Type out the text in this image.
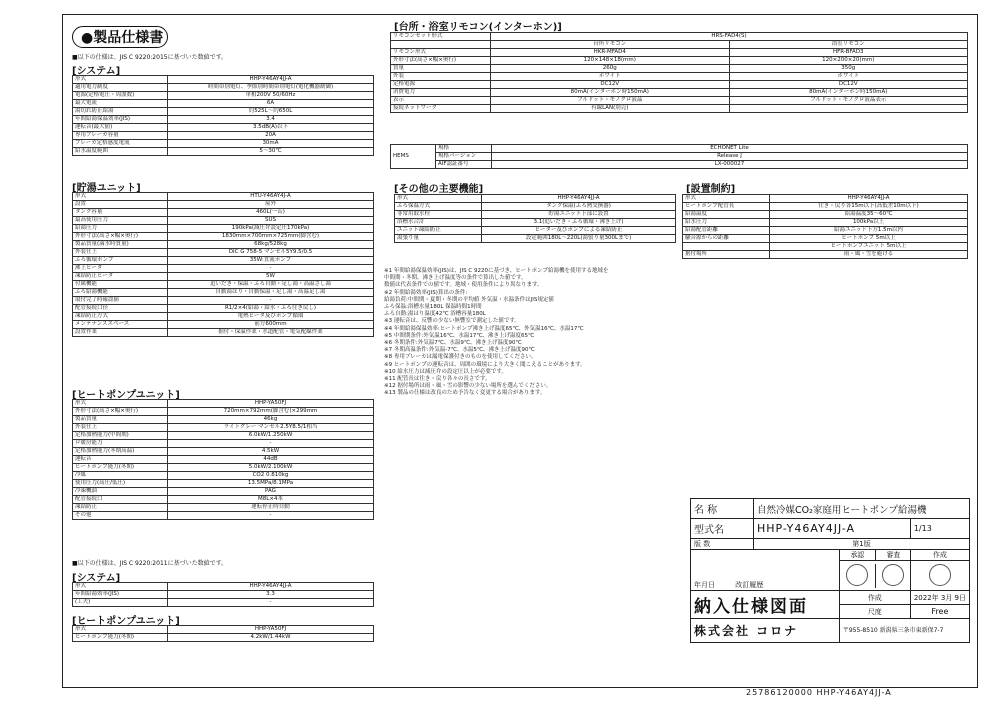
●製品仕様書
■以下の仕様は、JIS C 9220:2015に基づいた数値です。
[システム]
形式	HHP-Y46AY4JJ-A
適用電力制度	時間帯別電灯、季節別時間帯別電灯(電化機器制御)
電源(定格電圧・周波数)	単相200V 50/60Hz
最大電流	6A
湯切れ防止給湯	約525L〜約650L
年間給湯保温効率(JIS)	3.4
運転音(最大値)	3.5dB(A)以下
専用ブレーカ容量	20A
ブレーカ定格感度電流	30mA
給水温度範囲	5〜30℃
[貯湯ユニット]
形式	HTU-Y46AY4J-A
設置	屋外
タンク容量	460L(一缶)
最高使用圧力	SUS
給湯圧力	190kPa(減圧弁設定圧170kPa)
外形寸法(高さ×幅×奥行)	1830mm×700mm×725mm(脚含む)
製品質量(満水時質量)	68kg/528kg
外装仕上	DIC G 758-5 マンセル5Y9.5/0.5
ふろ循環ポンプ	35W:直流ポンプ
沸上ヒータ	-
凍結防止ヒータ	5W
付属機能	追いだき・保温・ふろ自動・足し湯・高温さし湯
ふろ給湯機能	自動湯はり・自動保温・足し湯・高温足し湯
取付完了時確認値	-
配管接続口径	R1/2×4(給湯・給水・ふろ往き戻し)
凍結防止方式	電熱ヒータ及びポンプ循環
メンテナンススペース	前方600mm
設置作業	据付・保温作業・水道配管・電気配線作業
[ヒートポンプユニット]
形式	HHP-YA50FJ
外形寸法(高さ×幅×奥行)	720mm×792mm(脚含む)×299mm
製品質量	46kg
外装仕上	ライトグレー マンセル2.5Y8.5/1相当
定格加熱能力(中間期)	6.0kW/1.250kW
ロ暖房能力	-
定格加熱能力(冬期高温)	4.5kW
運転音	44dB
ヒートポンプ能力(冬期)	5.0kW/2.100kW
冷媒	CO2 0.810kg
使用圧力(高圧/低圧)	13.5MPa/8.1MPa
冷凍機油	PAG
配管接続口	M8L×4本
凍結防止	運転停止時自動
その他	-
■以下の仕様は、JIS C 9220:2011に基づいた数値です。
[システム]
形式	HHP-Y46AY4JJ-A
年間給湯効率(JIS)	3.3
(工夫)	-
[ヒートポンプユニット]
形式	HHP-YA50FJ
ヒートポンプ能力(冬期)	4.2kW/1.44kW
[台所・浴室リモコン(インターホン)]
リモコンセット形式	HRS-FAD4(S)	
	台所リモコン	浴室リモコン
リモコン形式	HKR-MFAD4	HFR-BFAD3
外形寸法(高さ×幅×奥行)	120×148×18(mm)	120×200×20(mm)
質量	260g	350g
外装	ホワイト	ホワイト
定格電源	DC12V	DC12V
消費電力	80mA(インターホン時150mA)	80mA(インターホン時150mA)
表示	フルドット・モノクロ液晶	フルドット・モノクロ液晶表示
接続ネットワーク	有線LAN(別売)	
HEMS	規格	ECHONET Lite
	規格バージョン	Release J
	AIF認証番号	LX-000027
[その他の主要機能]
形式	HHP-Y46AY4JJ-A
ふろ保温方式	タンク保温(ふろ熱交換器)
非常用取水栓	貯湯ユニット下部に設置
浴槽水合計	3.1(追いだき・ふろ循環・沸き上げ)
ユニット凍結防止	ヒーター及びポンプによる凍結防止
湯張り量	設定範囲180L〜220L(湯張り量300Lまで)
[設置制約]
形式	HHP-Y46AY4JJ-A
ヒートポンプ配管長	往き・戻り各15m以下(高低差10m以下)
給湯温度	給湯温度35〜60℃
給水圧力	100kPa以上
給湯配管距離	給湯ユニット下方1.5m以内
騒音源からの距離	ヒートポンプ 5m以上
	ヒートポンプユニット 5m以上
据付場所	雨・風・雪を避ける
※1 年間給湯保温効率(JIS)は、JIS C 9220に基づき、ヒートポンプ給湯機を使用する地域を
中間期・冬期、沸き上げ温度等の条件で算出した値です。
数値は代表条件での値です。地域・使用条件により異なります。
※2 年間給湯効率(JIS)算出の条件:
給湯負荷:中間期・夏期・冬期の平均値 外気温・水温条件はJIS規定値
ふろ保温:浴槽水量180L 保温時間1時間
ふろ自動:湯はり温度42℃ 浴槽容量180L
※3 運転音は、反響の少ない無響室で測定した値です。
※4 年間給湯保温効率:ヒートポンプ沸き上げ温度65℃、外気温16℃、水温17℃
※5 中間期条件:外気温16℃、水温17℃、沸き上げ温度65℃
※6 冬期条件:外気温7℃、水温9℃、沸き上げ温度90℃
※7 冬期高温条件:外気温-7℃、水温5℃、沸き上げ温度90℃
※8 専用ブレーカは漏電保護付きのものを使用してください。
※9 ヒートポンプの運転音は、周囲の環境により大きく聞こえることがあります。
※10 給水圧力は減圧弁の設定圧以上が必要です。
※11 配管長は往き・戻り各々の長さです。
※12 据付場所は雨・風・雪の影響の少ない場所を選んでください。
※13 製品の仕様は改良のため予告なく変更する場合があります。
名 称	自然冷媒CO₂家庭用ヒートポンプ給湯機		
型式名	HHP-Y46AY4JJ-A		1/13
版 数	第1版		
		承認 審査	作成
年月日 改訂履歴			
納入仕様図面		作成	2022年 3月 9日
		尺度	Free
株式会社 コロナ		〒955-8510 新潟県三条市東新保7-7	
25786120000 HHP-Y46AY4JJ-A
